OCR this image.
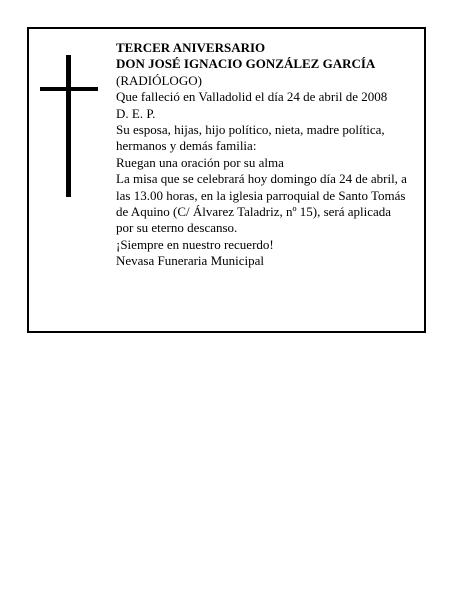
TERCER ANIVERSARIO
DON JOSÉ IGNACIO GONZÁLEZ GARCÍA
(RADIÓLOGO)
Que falleció en Valladolid el día 24 de abril de 2008
D. E. P.
Su esposa, hijas, hijo político, nieta, madre política,
hermanos y demás familia:
Ruegan una oración por su alma
La misa que se celebrará hoy domingo día 24 de abril, a
las 13.00 horas, en la iglesia parroquial de Santo Tomás
de Aquino (C/ Álvarez Taladriz, nº 15), será aplicada
por su eterno descanso.
¡Siempre en nuestro recuerdo!
Nevasa Funeraria Municipal
